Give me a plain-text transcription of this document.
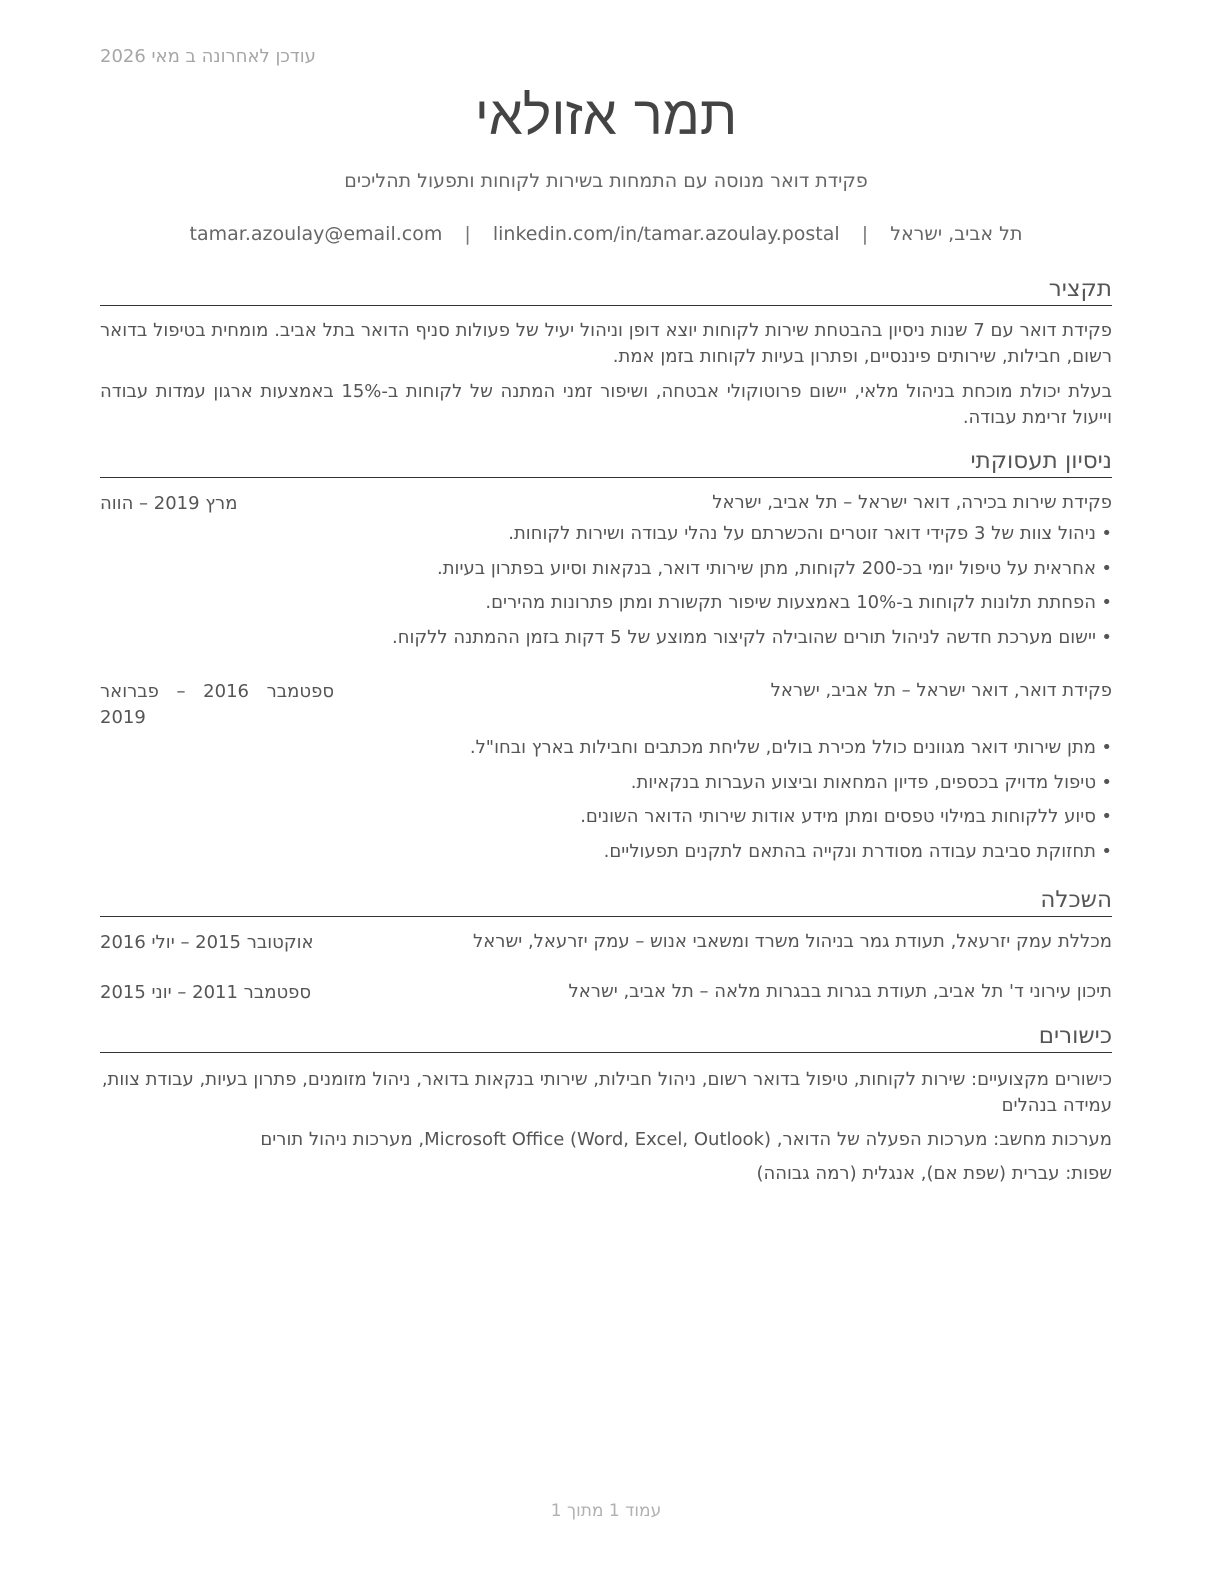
עודכן לאחרונה ב מאי 2026
תמר אזולאי
פקידת דואר מנוסה עם התמחות בשירות לקוחות ותפעול תהליכים
תל אביב, ישראל | tamar.azoulay@email.com | linkedin.com/in/tamar.azoulay.postal
תקציר
פקידת דואר עם 7 שנות ניסיון בהבטחת שירות לקוחות יוצא דופן וניהול יעיל של פעולות סניף הדואר בתל אביב. מומחית בטיפול בדואר רשום, חבילות, שירותים פיננסיים, ופתרון בעיות לקוחות בזמן אמת.
בעלת יכולת מוכחת בניהול מלאי, יישום פרוטוקולי אבטחה, ושיפור זמני המתנה של לקוחות ב-15% באמצעות ארגון עמדות עבודה וייעול זרימת עבודה.
ניסיון תעסוקתי
פקידת שירות בכירה, דואר ישראל – תל אביב, ישראל
מרץ 2019 – הווה
• ניהול צוות של 3 פקידי דואר זוטרים והכשרתם על נהלי עבודה ושירות לקוחות.
• אחראית על טיפול יומי בכ-200 לקוחות, מתן שירותי דואר, בנקאות וסיוע בפתרון בעיות.
• הפחתת תלונות לקוחות ב-10% באמצעות שיפור תקשורת ומתן פתרונות מהירים.
• יישום מערכת חדשה לניהול תורים שהובילה לקיצור ממוצע של 5 דקות בזמן ההמתנה ללקוח.
פקידת דואר, דואר ישראל – תל אביב, ישראל
ספטמבר 2016 – פברואר 2019
• מתן שירותי דואר מגוונים כולל מכירת בולים, שליחת מכתבים וחבילות בארץ ובחו"ל.
• טיפול מדויק בכספים, פדיון המחאות וביצוע העברות בנקאיות.
• סיוע ללקוחות במילוי טפסים ומתן מידע אודות שירותי הדואר השונים.
• תחזוקת סביבת עבודה מסודרת ונקייה בהתאם לתקנים תפעוליים.
השכלה
מכללת עמק יזרעאל, תעודת גמר בניהול משרד ומשאבי אנוש – עמק יזרעאל, ישראל
אוקטובר 2015 – יולי 2016
תיכון עירוני ד' תל אביב, תעודת בגרות בבגרות מלאה – תל אביב, ישראל
ספטמבר 2011 – יוני 2015
כישורים
כישורים מקצועיים: שירות לקוחות, טיפול בדואר רשום, ניהול חבילות, שירותי בנקאות בדואר, ניהול מזומנים, פתרון בעיות, עבודת צוות, עמידה בנהלים
מערכות מחשב: מערכות הפעלה של הדואר, Microsoft Office (Word, Excel, Outlook), מערכות ניהול תורים
שפות: עברית (שפת אם), אנגלית (רמה גבוהה)
עמוד 1 מתוך 1
